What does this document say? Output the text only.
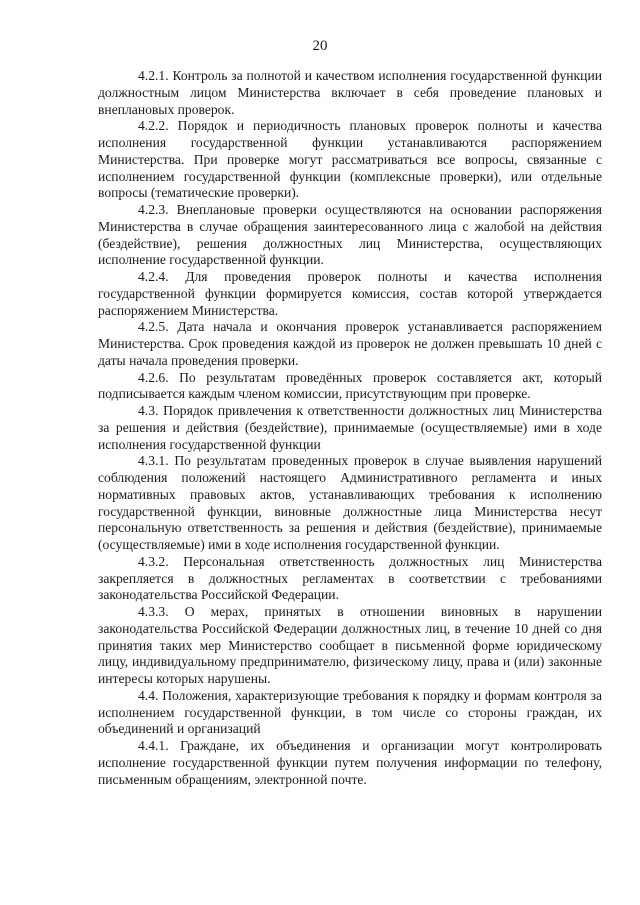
20

4.2.1. Контроль за полнотой и качеством исполнения государственной функции должностным лицом Министерства включает в себя проведение плановых и внеплановых проверок.

4.2.2. Порядок и периодичность плановых проверок полноты и качества исполнения государственной функции устанавливаются распоряжением Министерства. При проверке могут рассматриваться все вопросы, связанные с исполнением государственной функции (комплексные проверки), или отдельные вопросы (тематические проверки).

4.2.3. Внеплановые проверки осуществляются на основании распоряжения Министерства в случае обращения заинтересованного лица с жалобой на действия (бездействие), решения должностных лиц Министерства, осуществляющих исполнение государственной функции.

4.2.4. Для проведения проверок полноты и качества исполнения государственной функции формируется комиссия, состав которой утверждается распоряжением Министерства.

4.2.5. Дата начала и окончания проверок устанавливается распоряжением Министерства. Срок проведения каждой из проверок не должен превышать 10 дней с даты начала проведения проверки.

4.2.6. По результатам проведённых проверок составляется акт, который подписывается каждым членом комиссии, присутствующим при проверке.

4.3. Порядок привлечения к ответственности должностных лиц Министерства за решения и действия (бездействие), принимаемые (осуществляемые) ими в ходе исполнения государственной функции

4.3.1. По результатам проведенных проверок в случае выявления нарушений соблюдения положений настоящего Административного регламента и иных нормативных правовых актов, устанавливающих требования к исполнению государственной функции, виновные должностные лица Министерства несут персональную ответственность за решения и действия (бездействие), принимаемые (осуществляемые) ими в ходе исполнения государственной функции.

4.3.2. Персональная ответственность должностных лиц Министерства закрепляется в должностных регламентах в соответствии с требованиями законодательства Российской Федерации.

4.3.3. О мерах, принятых в отношении виновных в нарушении законодательства Российской Федерации должностных лиц, в течение 10 дней со дня принятия таких мер Министерство сообщает в письменной форме юридическому лицу, индивидуальному предпринимателю, физическому лицу, права и (или) законные интересы которых нарушены.

4.4. Положения, характеризующие требования к порядку и формам контроля за исполнением государственной функции, в том числе со стороны граждан, их объединений и организаций

4.4.1. Граждане, их объединения и организации могут контролировать исполнение государственной функции путем получения информации по телефону, письменным обращениям, электронной почте.
